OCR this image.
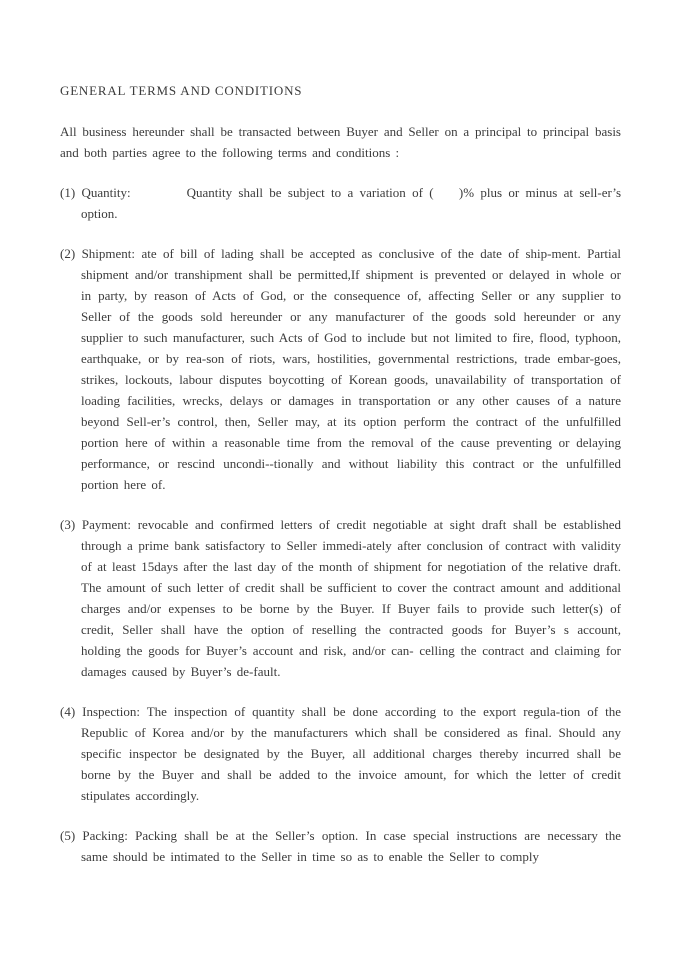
GENERAL TERMS AND CONDITIONS

All business hereunder shall be transacted between Buyer and Seller on a principal to principal basis and both parties agree to the following terms and conditions :

(1) Quantity:	Quantity shall be subject to a variation of (    )% plus or minus at sell-er’s option.

(2) Shipment: ate of bill of lading shall be accepted as conclusive of the date of ship-ment. Partial shipment and/or transhipment shall be permitted,If shipment is prevented or delayed in whole or in party, by reason of Acts of God, or the consequence of, affecting Seller or any supplier to Seller of the goods sold hereunder or any manufacturer of the goods sold hereunder or any supplier to such manufacturer, such Acts of God to include but not limited to fire, flood, typhoon, earthquake, or by rea-son of riots, wars, hostilities, governmental restrictions, trade embar-goes, strikes, lockouts, labour disputes boycotting of Korean goods, unavailability of transportation of loading facilities, wrecks, delays or damages in transportation or any other causes of a nature beyond Sell-er’s control, then, Seller may, at its option perform the contract of the unfulfilled portion here of within a reasonable time from the removal of the cause preventing or delaying performance, or rescind uncondi--tionally and without liability this contract or the unfulfilled portion here of.

(3) Payment: revocable and confirmed letters of credit negotiable at sight draft shall be established through a prime bank satisfactory to Seller immedi-ately after conclusion of contract with validity of at least 15days after the last day of the month of shipment for negotiation of the relative draft. The amount of such letter of credit shall be sufficient to cover the contract amount and additional charges and/or expenses to be borne by the Buyer. If Buyer fails to provide such letter(s) of credit, Seller shall have the option of reselling the contracted goods for Buyer’s s account, holding the goods for Buyer’s account and risk, and/or can- celling the contract and claiming for damages caused by Buyer’s de-fault.

(4) Inspection: The inspection of quantity shall be done according to the export regula-tion of the Republic of Korea and/or by the manufacturers which shall be considered as final. Should any specific inspector be designated by the Buyer, all additional charges thereby incurred shall be borne by the Buyer and shall be added to the invoice amount, for which the letter of credit stipulates accordingly.

(5) Packing: Packing shall be at the Seller’s option. In case special instructions are necessary the same should be intimated to the Seller in time so as to enable the Seller to comply
